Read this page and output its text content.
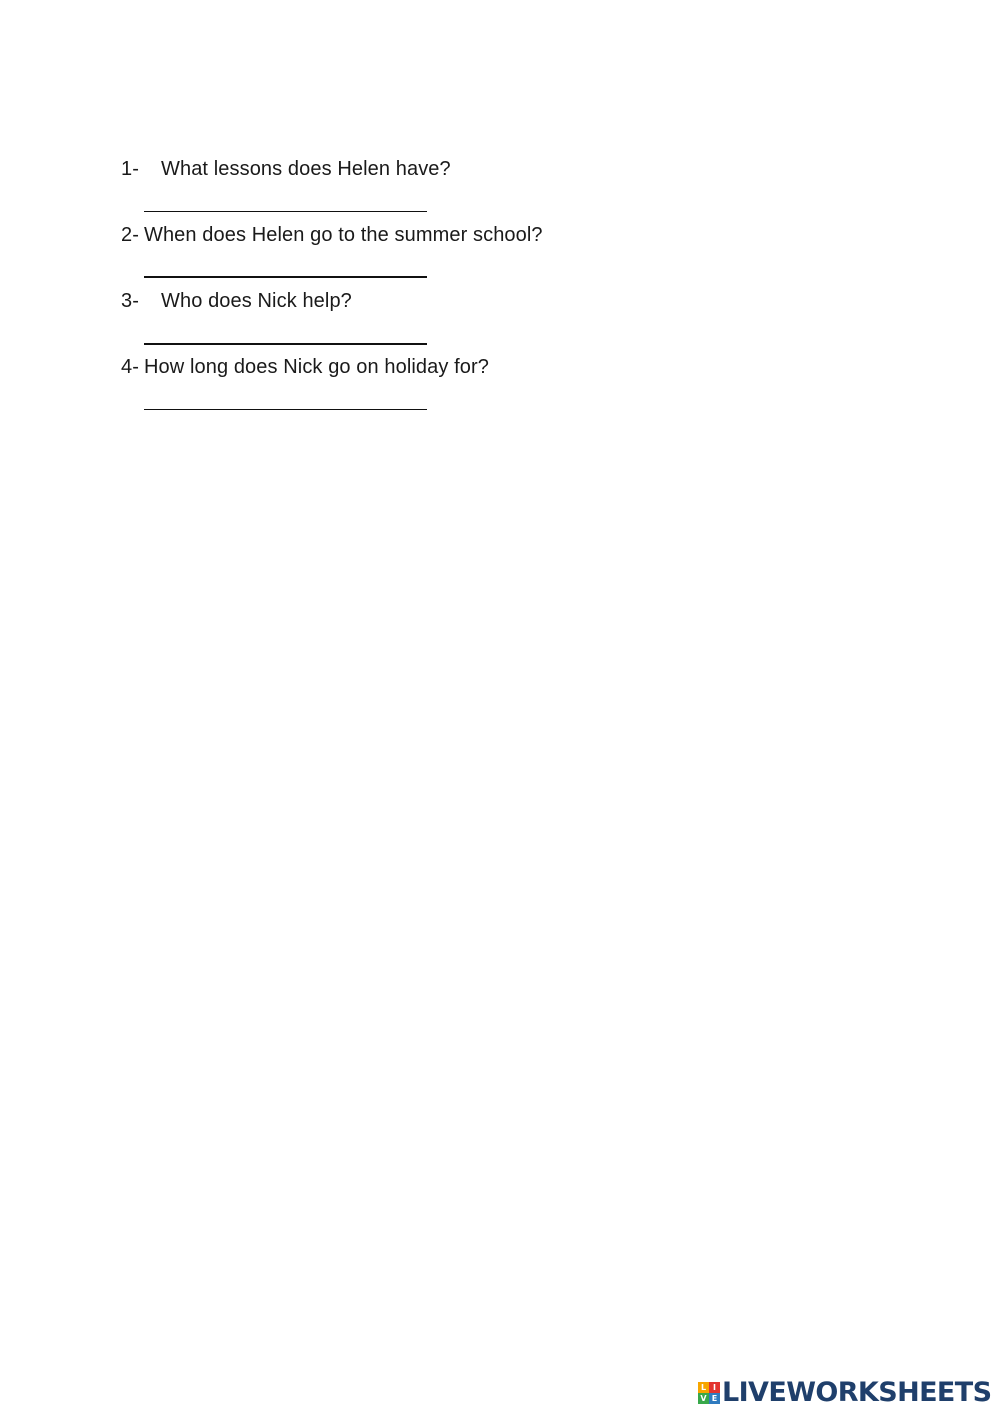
1- What lessons does Helen have?
2- When does Helen go to the summer school?
3- Who does Nick help?
4- How long does Nick go on holiday for?
L I
V E LIVEWORKSHEETS
